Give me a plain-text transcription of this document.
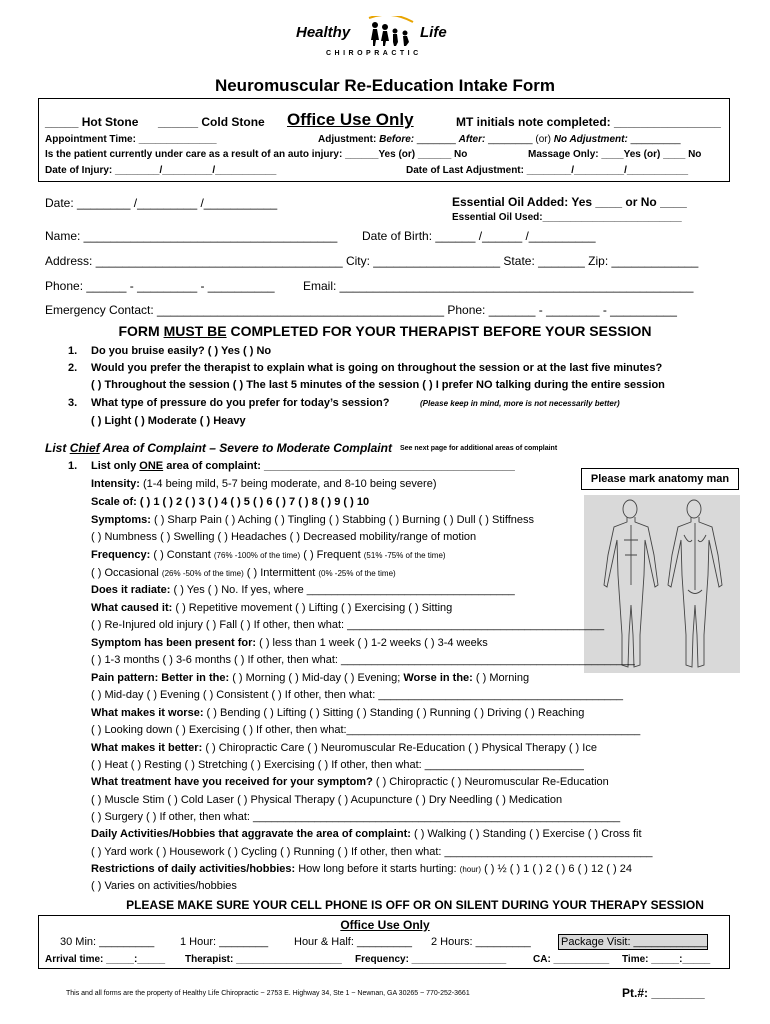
Healthy	Life
CHIROPRACTIC
Neuromuscular Re-Education Intake Form
_____ Hot Stone ______ Cold Stone Office Use Only	MT initials note completed: ________________
Appointment Time: ______________	Adjustment: Before: _______ After: ________ (or) No Adjustment: _________
Is the patient currently under care as a result of an auto injury: ______Yes (or) ______ No	Massage Only: ____Yes (or) ____ No
Date of Injury: ________/_________/___________	Date of Last Adjustment: ________/_________/___________
Date: ________ /_________ /___________	Essential Oil Added: Yes ____ or No ____
Essential Oil Used:_________________________
Name: ______________________________________ Date of Birth: ______ /______ /__________
Address: _____________________________________ City: ___________________ State: _______ Zip: _____________
Phone: ______ - _________ - __________ Email: _____________________________________________________
Emergency Contact: ___________________________________________ Phone: _______ - ________ - __________
FORM MUST BE COMPLETED FOR YOUR THERAPIST BEFORE YOUR SESSION
1. Do you bruise easily? ( ) Yes ( ) No
2. Would you prefer the therapist to explain what is going on throughout the session or at the last five minutes?
( ) Throughout the session ( ) The last 5 minutes of the session ( ) I prefer NO talking during the entire session
3. What type of pressure do you prefer for today’s session?	(Please keep in mind, more is not necessarily better)
( ) Light ( ) Moderate ( ) Heavy
List Chief Area of Complaint – Severe to Moderate Complaint See next page for additional areas of complaint
1. List only ONE area of complaint: _________________________________________
Please mark anatomy man
Intensity: (1-4 being mild, 5-7 being moderate, and 8-10 being severe)
Scale of: ( ) 1 ( ) 2 ( ) 3 ( ) 4 ( ) 5 ( ) 6 ( ) 7 ( ) 8 ( ) 9 ( ) 10
Symptoms: ( ) Sharp Pain ( ) Aching ( ) Tingling ( ) Stabbing ( ) Burning ( ) Dull ( ) Stiffness
( ) Numbness ( ) Swelling ( ) Headaches ( ) Decreased mobility/range of motion
Frequency: ( ) Constant (76% -100% of the time) ( ) Frequent (51% -75% of the time)
( ) Occasional (26% -50% of the time) ( ) Intermittent (0% -25% of the time)
Does it radiate: ( ) Yes ( ) No. If yes, where __________________________________
What caused it: ( ) Repetitive movement ( ) Lifting ( ) Exercising ( ) Sitting
( ) Re-Injured old injury ( ) Fall ( ) If other, then what: __________________________________________
Symptom has been present for: ( ) less than 1 week ( ) 1-2 weeks ( ) 3-4 weeks
( ) 1-3 months ( ) 3-6 months ( ) If other, then what: ________________________________________________
Pain pattern: Better in the: ( ) Morning ( ) Mid-day ( ) Evening; Worse in the: ( ) Morning
( ) Mid-day ( ) Evening ( ) Consistent ( ) If other, then what: ________________________________________
What makes it worse: ( ) Bending ( ) Lifting ( ) Sitting ( ) Standing ( ) Running ( ) Driving ( ) Reaching
( ) Looking down ( ) Exercising ( ) If other, then what:________________________________________________
What makes it better: ( ) Chiropractic Care ( ) Neuromuscular Re-Education ( ) Physical Therapy ( ) Ice
( ) Heat ( ) Resting ( ) Stretching ( ) Exercising ( ) If other, then what: __________________________
What treatment have you received for your symptom? ( ) Chiropractic ( ) Neuromuscular Re-Education
( ) Muscle Stim ( ) Cold Laser ( ) Physical Therapy ( ) Acupuncture ( ) Dry Needling ( ) Medication
( ) Surgery ( ) If other, then what: ____________________________________________________________
Daily Activities/Hobbies that aggravate the area of complaint: ( ) Walking ( ) Standing ( ) Exercise ( ) Cross fit
( ) Yard work ( ) Housework ( ) Cycling ( ) Running ( ) If other, then what: __________________________________
Restrictions of daily activities/hobbies: How long before it starts hurting: (hour) ( ) ½ ( ) 1 ( ) 2 ( ) 6 ( ) 12 ( ) 24
( ) Varies on activities/hobbies
PLEASE MAKE SURE YOUR CELL PHONE IS OFF OR ON SILENT DURING YOUR THERAPY SESSION
Office Use Only
30 Min: _________ 1 Hour: ________ Hour & Half: _________ 2 Hours: _________	Package Visit: ____________
Arrival time: _____:_____ Therapist: ___________________ Frequency: _________________	CA: __________ Time: _____:_____
This and all forms are the property of Healthy Life Chiropractic ~ 2753 E. Highway 34, Ste 1 ~ Newnan, GA 30265 ~ 770-252-3661	Pt.#: ________
